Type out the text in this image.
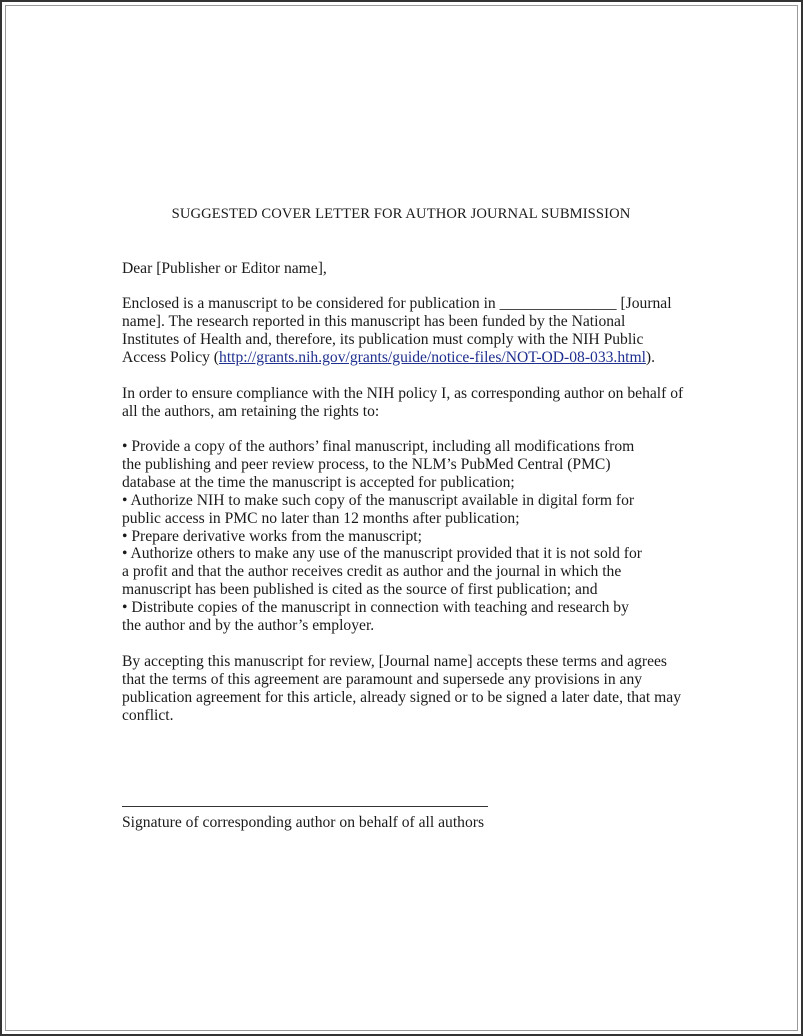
SUGGESTED COVER LETTER FOR AUTHOR JOURNAL SUBMISSION

Dear [Publisher or Editor name],

Enclosed is a manuscript to be considered for publication in _______________ [Journal
name]. The research reported in this manuscript has been funded by the National
Institutes of Health and, therefore, its publication must comply with the NIH Public
Access Policy (http://grants.nih.gov/grants/guide/notice-files/NOT-OD-08-033.html).

In order to ensure compliance with the NIH policy I, as corresponding author on behalf of
all the authors, am retaining the rights to:

• Provide a copy of the authors’ final manuscript, including all modifications from
the publishing and peer review process, to the NLM’s PubMed Central (PMC)
database at the time the manuscript is accepted for publication;
• Authorize NIH to make such copy of the manuscript available in digital form for
public access in PMC no later than 12 months after publication;
• Prepare derivative works from the manuscript;
• Authorize others to make any use of the manuscript provided that it is not sold for
a profit and that the author receives credit as author and the journal in which the
manuscript has been published is cited as the source of first publication; and
• Distribute copies of the manuscript in connection with teaching and research by
the author and by the author’s employer.

By accepting this manuscript for review, [Journal name] accepts these terms and agrees
that the terms of this agreement are paramount and supersede any provisions in any
publication agreement for this article, already signed or to be signed a later date, that may
conflict.

Signature of corresponding author on behalf of all authors
